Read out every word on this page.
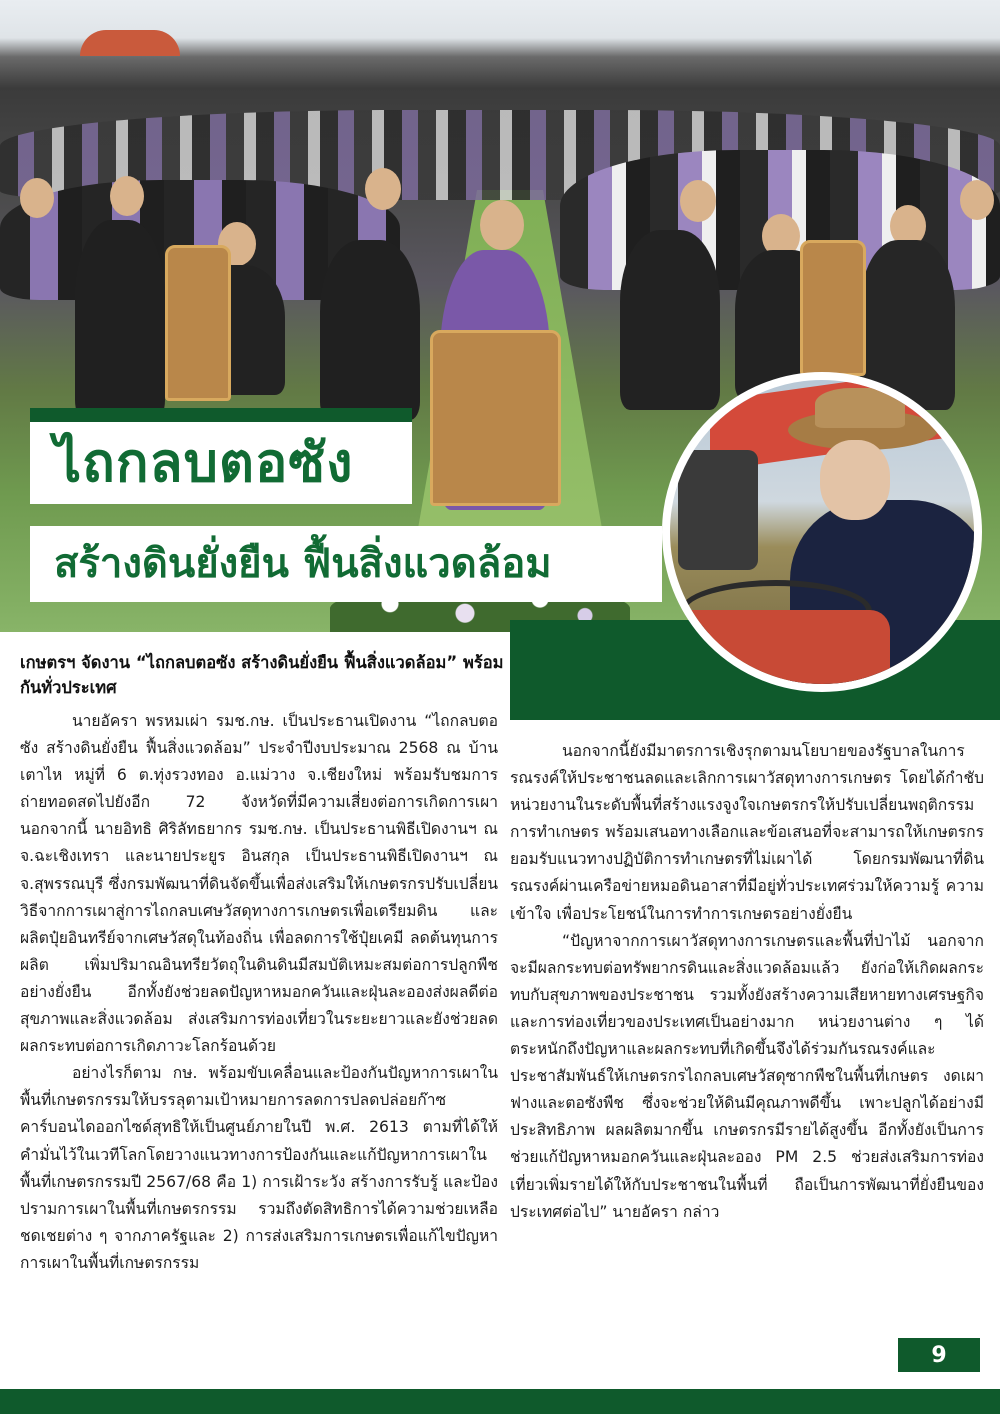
ไถกลบตอซัง
สร้างดินยั่งยืน ฟื้นสิ่งแวดล้อม
เกษตรฯ จัดงาน “ไถกลบตอซัง สร้างดินยั่งยืน ฟื้นสิ่งแวดล้อม” พร้อมกันทั่วประเทศ

นายอัครา พรหมเผ่า รมช.กษ. เป็นประธานเปิดงาน “ไถกลบตอซัง สร้างดินยั่งยืน ฟื้นสิ่งแวดล้อม” ประจำปีงบประมาณ 2568 ณ บ้านเตาไห หมู่ที่ 6 ต.ทุ่งรวงทอง อ.แม่วาง จ.เชียงใหม่ พร้อมรับชมการถ่ายทอดสดไปยังอีก 72 จังหวัดที่มีความเสี่ยงต่อการเกิดการเผา นอกจากนี้ นายอิทธิ ศิริลัทธยากร รมช.กษ. เป็นประธานพิธีเปิดงานฯ ณ จ.ฉะเชิงเทรา และนายประยูร อินสกุล เป็นประธานพิธีเปิดงานฯ ณ จ.สุพรรณบุรี ซึ่งกรมพัฒนาที่ดินจัดขึ้นเพื่อส่งเสริมให้เกษตรกรปรับเปลี่ยนวิธีจากการเผาสู่การไถกลบเศษวัสดุทางการเกษตรเพื่อเตรียมดิน และผลิตปุ๋ยอินทรีย์จากเศษวัสดุในท้องถิ่น เพื่อลดการใช้ปุ๋ยเคมี ลดต้นทุนการผลิต เพิ่มปริมาณอินทรียวัตถุในดินดินมีสมบัติเหมะสมต่อการปลูกพืชอย่างยั่งยืน อีกทั้งยังช่วยลดปัญหาหมอกควันและฝุ่นละอองส่งผลดีต่อสุขภาพและสิ่งแวดล้อม ส่งเสริมการท่องเที่ยวในระยะยาวและยังช่วยลดผลกระทบต่อการเกิดภาวะโลกร้อนด้วย

อย่างไรก็ตาม กษ. พร้อมขับเคลื่อนและป้องกันปัญหาการเผาในพื้นที่เกษตรกรรมให้บรรลุตามเป้าหมายการลดการปลดปล่อยก๊าซคาร์บอนไดออกไซด์สุทธิให้เป็นศูนย์ภายในปี พ.ศ. 2613 ตามที่ได้ให้คำมั่นไว้ในเวทีโลกโดยวางแนวทางการป้องกันและแก้ปัญหาการเผาในพื้นที่เกษตรกรรมปี 2567/68 คือ 1) การเฝ้าระวัง สร้างการรับรู้ และป้องปรามการเผาในพื้นที่เกษตรกรรม รวมถึงตัดสิทธิการได้ความช่วยเหลือชดเชยต่าง ๆ จากภาครัฐและ 2) การส่งเสริมการเกษตรเพื่อแก้ไขปัญหาการเผาในพื้นที่เกษตรกรรม

นอกจากนี้ยังมีมาตรการเชิงรุกตามนโยบายของรัฐบาลในการรณรงค์ให้ประชาชนลดและเลิกการเผาวัสดุทางการเกษตร โดยได้กำชับหน่วยงานในระดับพื้นที่สร้างแรงจูงใจเกษตรกรให้ปรับเปลี่ยนพฤติกรรมการทำเกษตร พร้อมเสนอทางเลือกและข้อเสนอที่จะสามารถให้เกษตรกรยอมรับแนวทางปฏิบัติการทำเกษตรที่ไม่เผาได้ โดยกรมพัฒนาที่ดินรณรงค์ผ่านเครือข่ายหมอดินอาสาที่มีอยู่ทั่วประเทศร่วมให้ความรู้ ความเข้าใจ เพื่อประโยชน์ในการทำการเกษตรอย่างยั่งยืน

“ปัญหาจากการเผาวัสดุทางการเกษตรและพื้นที่ป่าไม้ นอกจากจะมีผลกระทบต่อทรัพยากรดินและสิ่งแวดล้อมแล้ว ยังก่อให้เกิดผลกระทบกับสุขภาพของประชาชน รวมทั้งยังสร้างความเสียหายทางเศรษฐกิจและการท่องเที่ยวของประเทศเป็นอย่างมาก หน่วยงานต่าง ๆ ได้ตระหนักถึงปัญหาและผลกระทบที่เกิดขึ้นจึงได้ร่วมกันรณรงค์และประชาสัมพันธ์ให้เกษตรกรไถกลบเศษวัสดุซากพืชในพื้นที่เกษตร งดเผาฟางและตอซังพืช ซึ่งจะช่วยให้ดินมีคุณภาพดีขึ้น เพาะปลูกได้อย่างมีประสิทธิภาพ ผลผลิตมากขึ้น เกษตรกรมีรายได้สูงขึ้น อีกทั้งยังเป็นการช่วยแก้ปัญหาหมอกควันและฝุ่นละออง PM 2.5 ช่วยส่งเสริมการท่องเที่ยวเพิ่มรายได้ให้กับประชาชนในพื้นที่ ถือเป็นการพัฒนาที่ยั่งยืนของประเทศต่อไป” นายอัครา กล่าว

9
